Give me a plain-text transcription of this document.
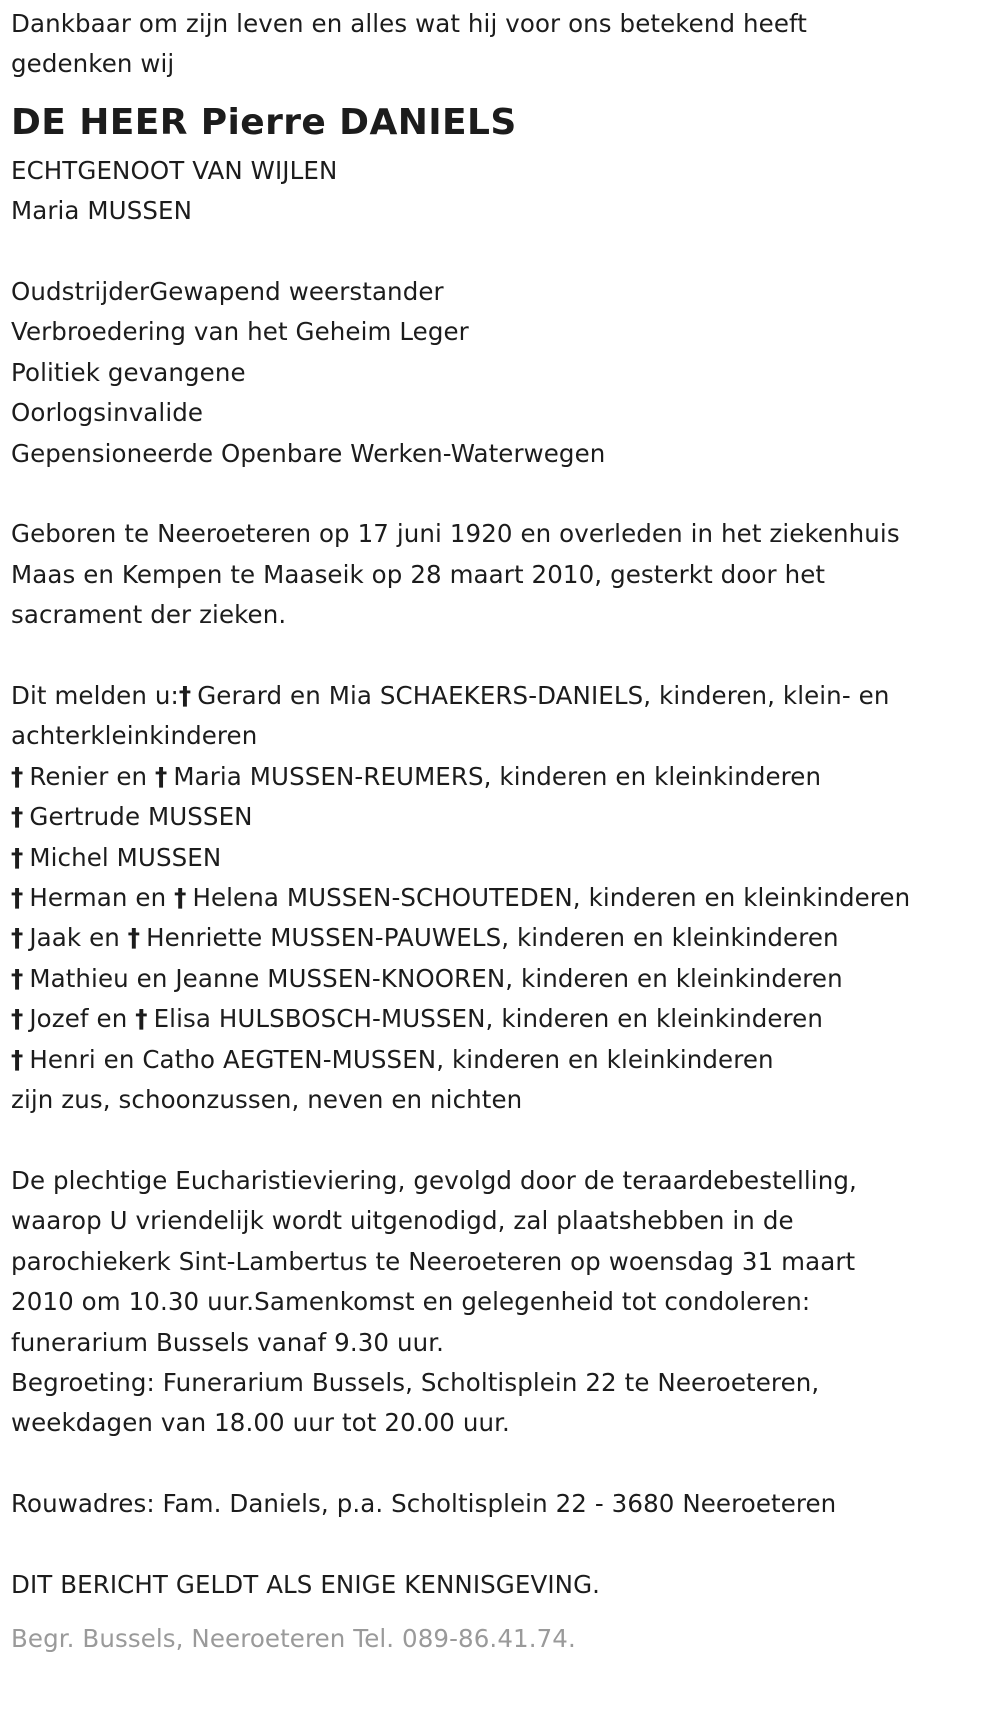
Dankbaar om zijn leven en alles wat hij voor ons betekend heeft
gedenken wij
DE HEER Pierre DANIELS
ECHTGENOOT VAN WIJLEN
Maria MUSSEN
OudstrijderGewapend weerstander
Verbroedering van het Geheim Leger
Politiek gevangene
Oorlogsinvalide
Gepensioneerde Openbare Werken-Waterwegen
Geboren te Neeroeteren op 17 juni 1920 en overleden in het ziekenhuis
Maas en Kempen te Maaseik op 28 maart 2010, gesterkt door het
sacrament der zieken.
Dit melden u:† Gerard en Mia SCHAEKERS-DANIELS, kinderen, klein- en
achterkleinkinderen
† Renier en † Maria MUSSEN-REUMERS, kinderen en kleinkinderen
† Gertrude MUSSEN
† Michel MUSSEN
† Herman en † Helena MUSSEN-SCHOUTEDEN, kinderen en kleinkinderen
† Jaak en † Henriette MUSSEN-PAUWELS, kinderen en kleinkinderen
† Mathieu en Jeanne MUSSEN-KNOOREN, kinderen en kleinkinderen
† Jozef en † Elisa HULSBOSCH-MUSSEN, kinderen en kleinkinderen
† Henri en Catho AEGTEN-MUSSEN, kinderen en kleinkinderen
zijn zus, schoonzussen, neven en nichten
De plechtige Eucharistieviering, gevolgd door de teraardebestelling,
waarop U vriendelijk wordt uitgenodigd, zal plaatshebben in de
parochiekerk Sint-Lambertus te Neeroeteren op woensdag 31 maart
2010 om 10.30 uur.Samenkomst en gelegenheid tot condoleren:
funerarium Bussels vanaf 9.30 uur.
Begroeting: Funerarium Bussels, Scholtisplein 22 te Neeroeteren,
weekdagen van 18.00 uur tot 20.00 uur.
Rouwadres: Fam. Daniels, p.a. Scholtisplein 22 - 3680 Neeroeteren
DIT BERICHT GELDT ALS ENIGE KENNISGEVING.
Begr. Bussels, Neeroeteren Tel. 089-86.41.74.
